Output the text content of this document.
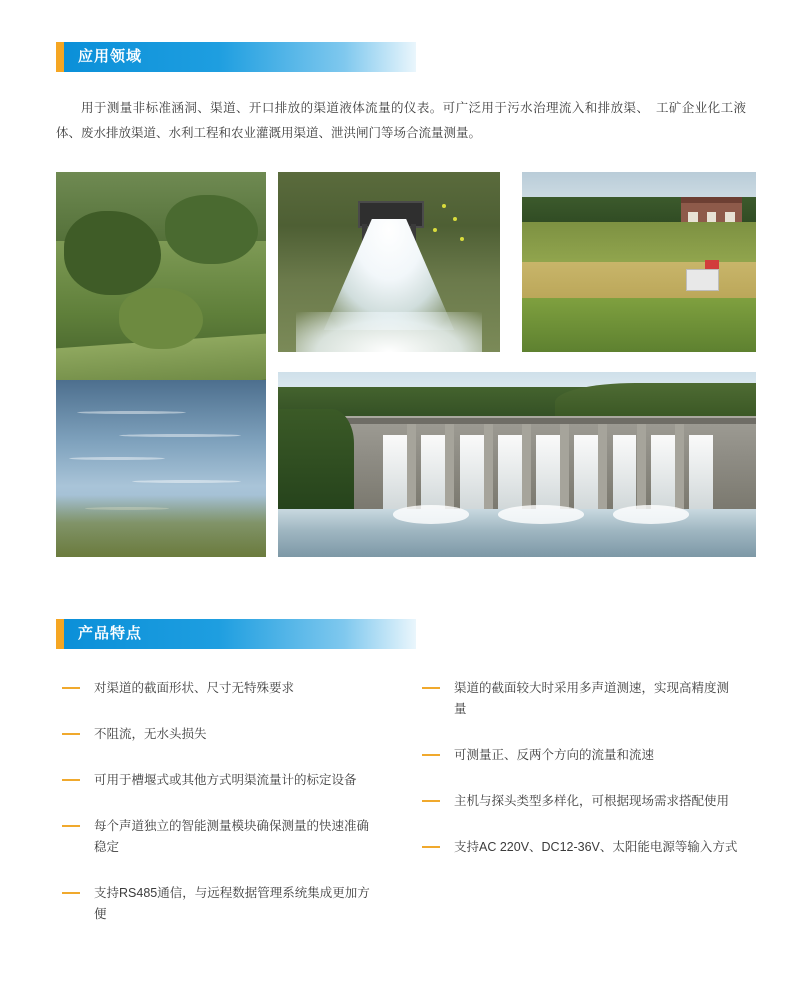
应用领域
用于测量非标准涵洞、渠道、开口排放的渠道液体流量的仪表。可广泛用于污水治理流入和排放渠、　工矿企业化工液体、废水排放渠道、水利工程和农业灌溉用渠道、泄洪闸门等场合流量测量。
产品特点
对渠道的截面形状、尺寸无特殊要求
不阻流，无水头损失
可用于槽堰式或其他方式明渠流量计的标定设备
每个声道独立的智能测量模块确保测量的快速准确稳定
支持RS485通信，与远程数据管理系统集成更加方便
渠道的截面较大时采用多声道测速，实现高精度测量
可测量正、反两个方向的流量和流速
主机与探头类型多样化，可根据现场需求搭配使用
支持AC 220V、DC12-36V、太阳能电源等输入方式
